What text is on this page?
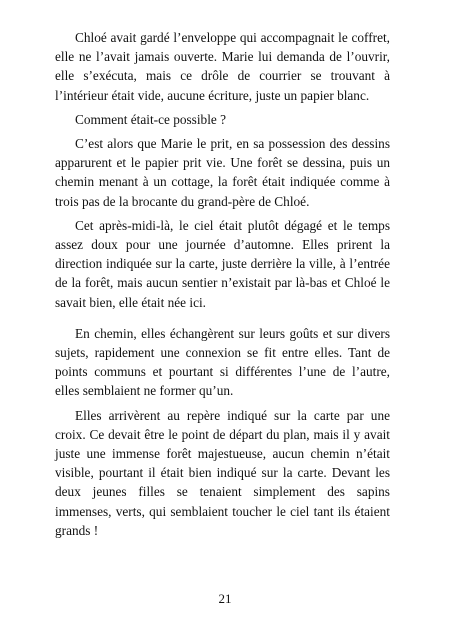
Chloé avait gardé l’enveloppe qui accompagnait le coffret, elle ne l’avait jamais ouverte. Marie lui demanda de l’ouvrir, elle s’exécuta, mais ce drôle de courrier se trouvant à l’intérieur était vide, aucune écriture, juste un papier blanc.

Comment était-ce possible ?

C’est alors que Marie le prit, en sa possession des dessins apparurent et le papier prit vie. Une forêt se dessina, puis un chemin menant à un cottage, la forêt était indiquée comme à trois pas de la brocante du grand-père de Chloé.

Cet après-midi-là, le ciel était plutôt dégagé et le temps assez doux pour une journée d’automne. Elles prirent la direction indiquée sur la carte, juste derrière la ville, à l’entrée de la forêt, mais aucun sentier n’existait par là-bas et Chloé le savait bien, elle était née ici.

En chemin, elles échangèrent sur leurs goûts et sur divers sujets, rapidement une connexion se fit entre elles. Tant de points communs et pourtant si différentes l’une de l’autre, elles semblaient ne former qu’un.

Elles arrivèrent au repère indiqué sur la carte par une croix. Ce devait être le point de départ du plan, mais il y avait juste une immense forêt majestueuse, aucun chemin n’était visible, pourtant il était bien indiqué sur la carte. Devant les deux jeunes filles se tenaient simplement des sapins immenses, verts, qui semblaient toucher le ciel tant ils étaient grands !

21
